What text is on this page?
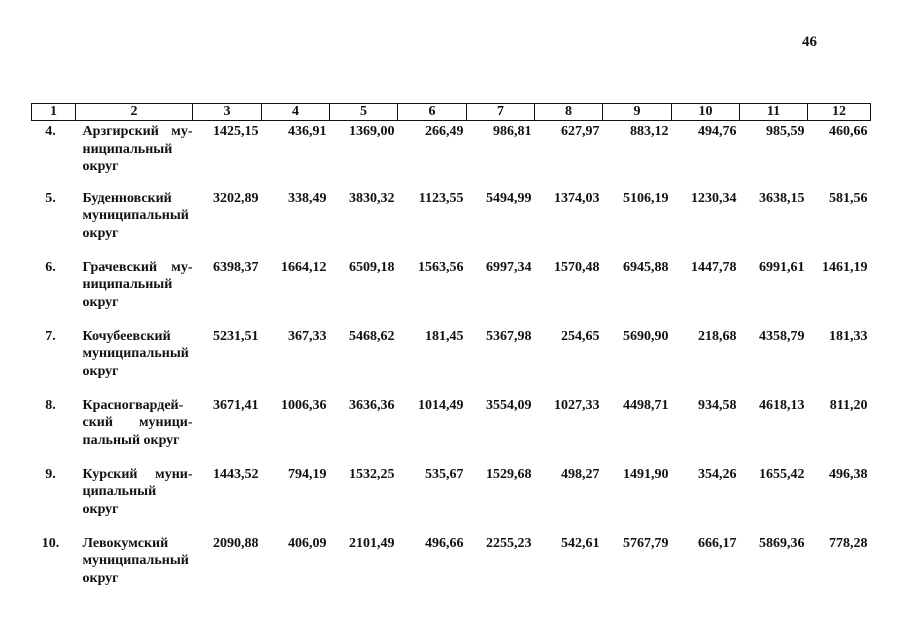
46
1	2	3	4	5	6	7	8	9	10	11	12
4.	Арзгирский му-
ниципальный
округ	1425,15	436,91	1369,00	266,49	986,81	627,97	883,12	494,76	985,59	460,66
5.	Буденновский
муниципальный
округ	3202,89	338,49	3830,32	1123,55	5494,99	1374,03	5106,19	1230,34	3638,15	581,56
6.	Грачевский му-
ниципальный
округ	6398,37	1664,12	6509,18	1563,56	6997,34	1570,48	6945,88	1447,78	6991,61	1461,19
7.	Кочубеевский
муниципальный
округ	5231,51	367,33	5468,62	181,45	5367,98	254,65	5690,90	218,68	4358,79	181,33
8.	Красногвардей-
ский муници-
пальный округ	3671,41	1006,36	3636,36	1014,49	3554,09	1027,33	4498,71	934,58	4618,13	811,20
9.	Курский муни-
ципальный
округ	1443,52	794,19	1532,25	535,67	1529,68	498,27	1491,90	354,26	1655,42	496,38
10.	Левокумский
муниципальный
округ	2090,88	406,09	2101,49	496,66	2255,23	542,61	5767,79	666,17	5869,36	778,28
